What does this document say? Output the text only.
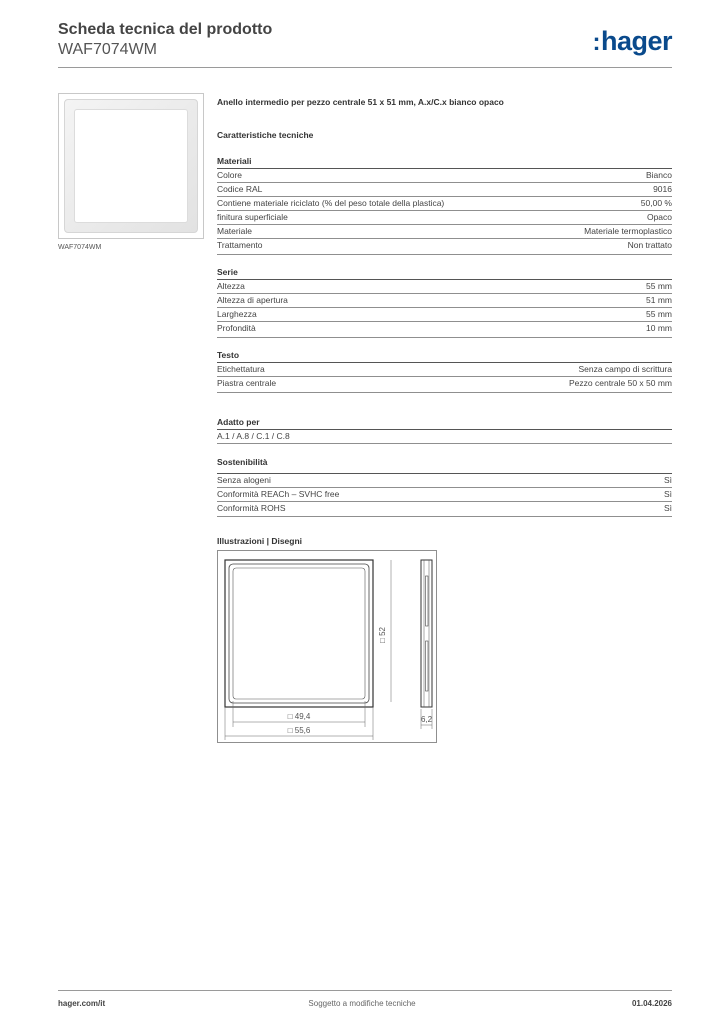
Scheda tecnica del prodotto
WAF7074WM	:hager
WAF7074WM
Anello intermedio per pezzo centrale 51 x 51 mm, A.x/C.x bianco opaco
Caratteristiche tecniche
Materiali
Colore	Bianco
Codice RAL	9016
Contiene materiale riciclato (% del peso totale della plastica)	50,00 %
finitura superficiale	Opaco
Materiale	Materiale termoplastico
Trattamento	Non trattato
Serie
Altezza	55 mm
Altezza di apertura	51 mm
Larghezza	55 mm
Profondità	10 mm
Testo
Etichettatura	Senza campo di scrittura
Piastra centrale	Pezzo centrale 50 x 50 mm
Adatto per
A.1 / A.8 / C.1 / C.8
Sostenibilità
Senza alogeni	Sì
Conformità REACh – SVHC free	Sì
Conformità ROHS	Sì
Illustrazioni | Disegni
□ 49,4
□ 55,6
□ 52
6,2
hager.com/it	Soggetto a modifiche tecniche	01.04.2026
